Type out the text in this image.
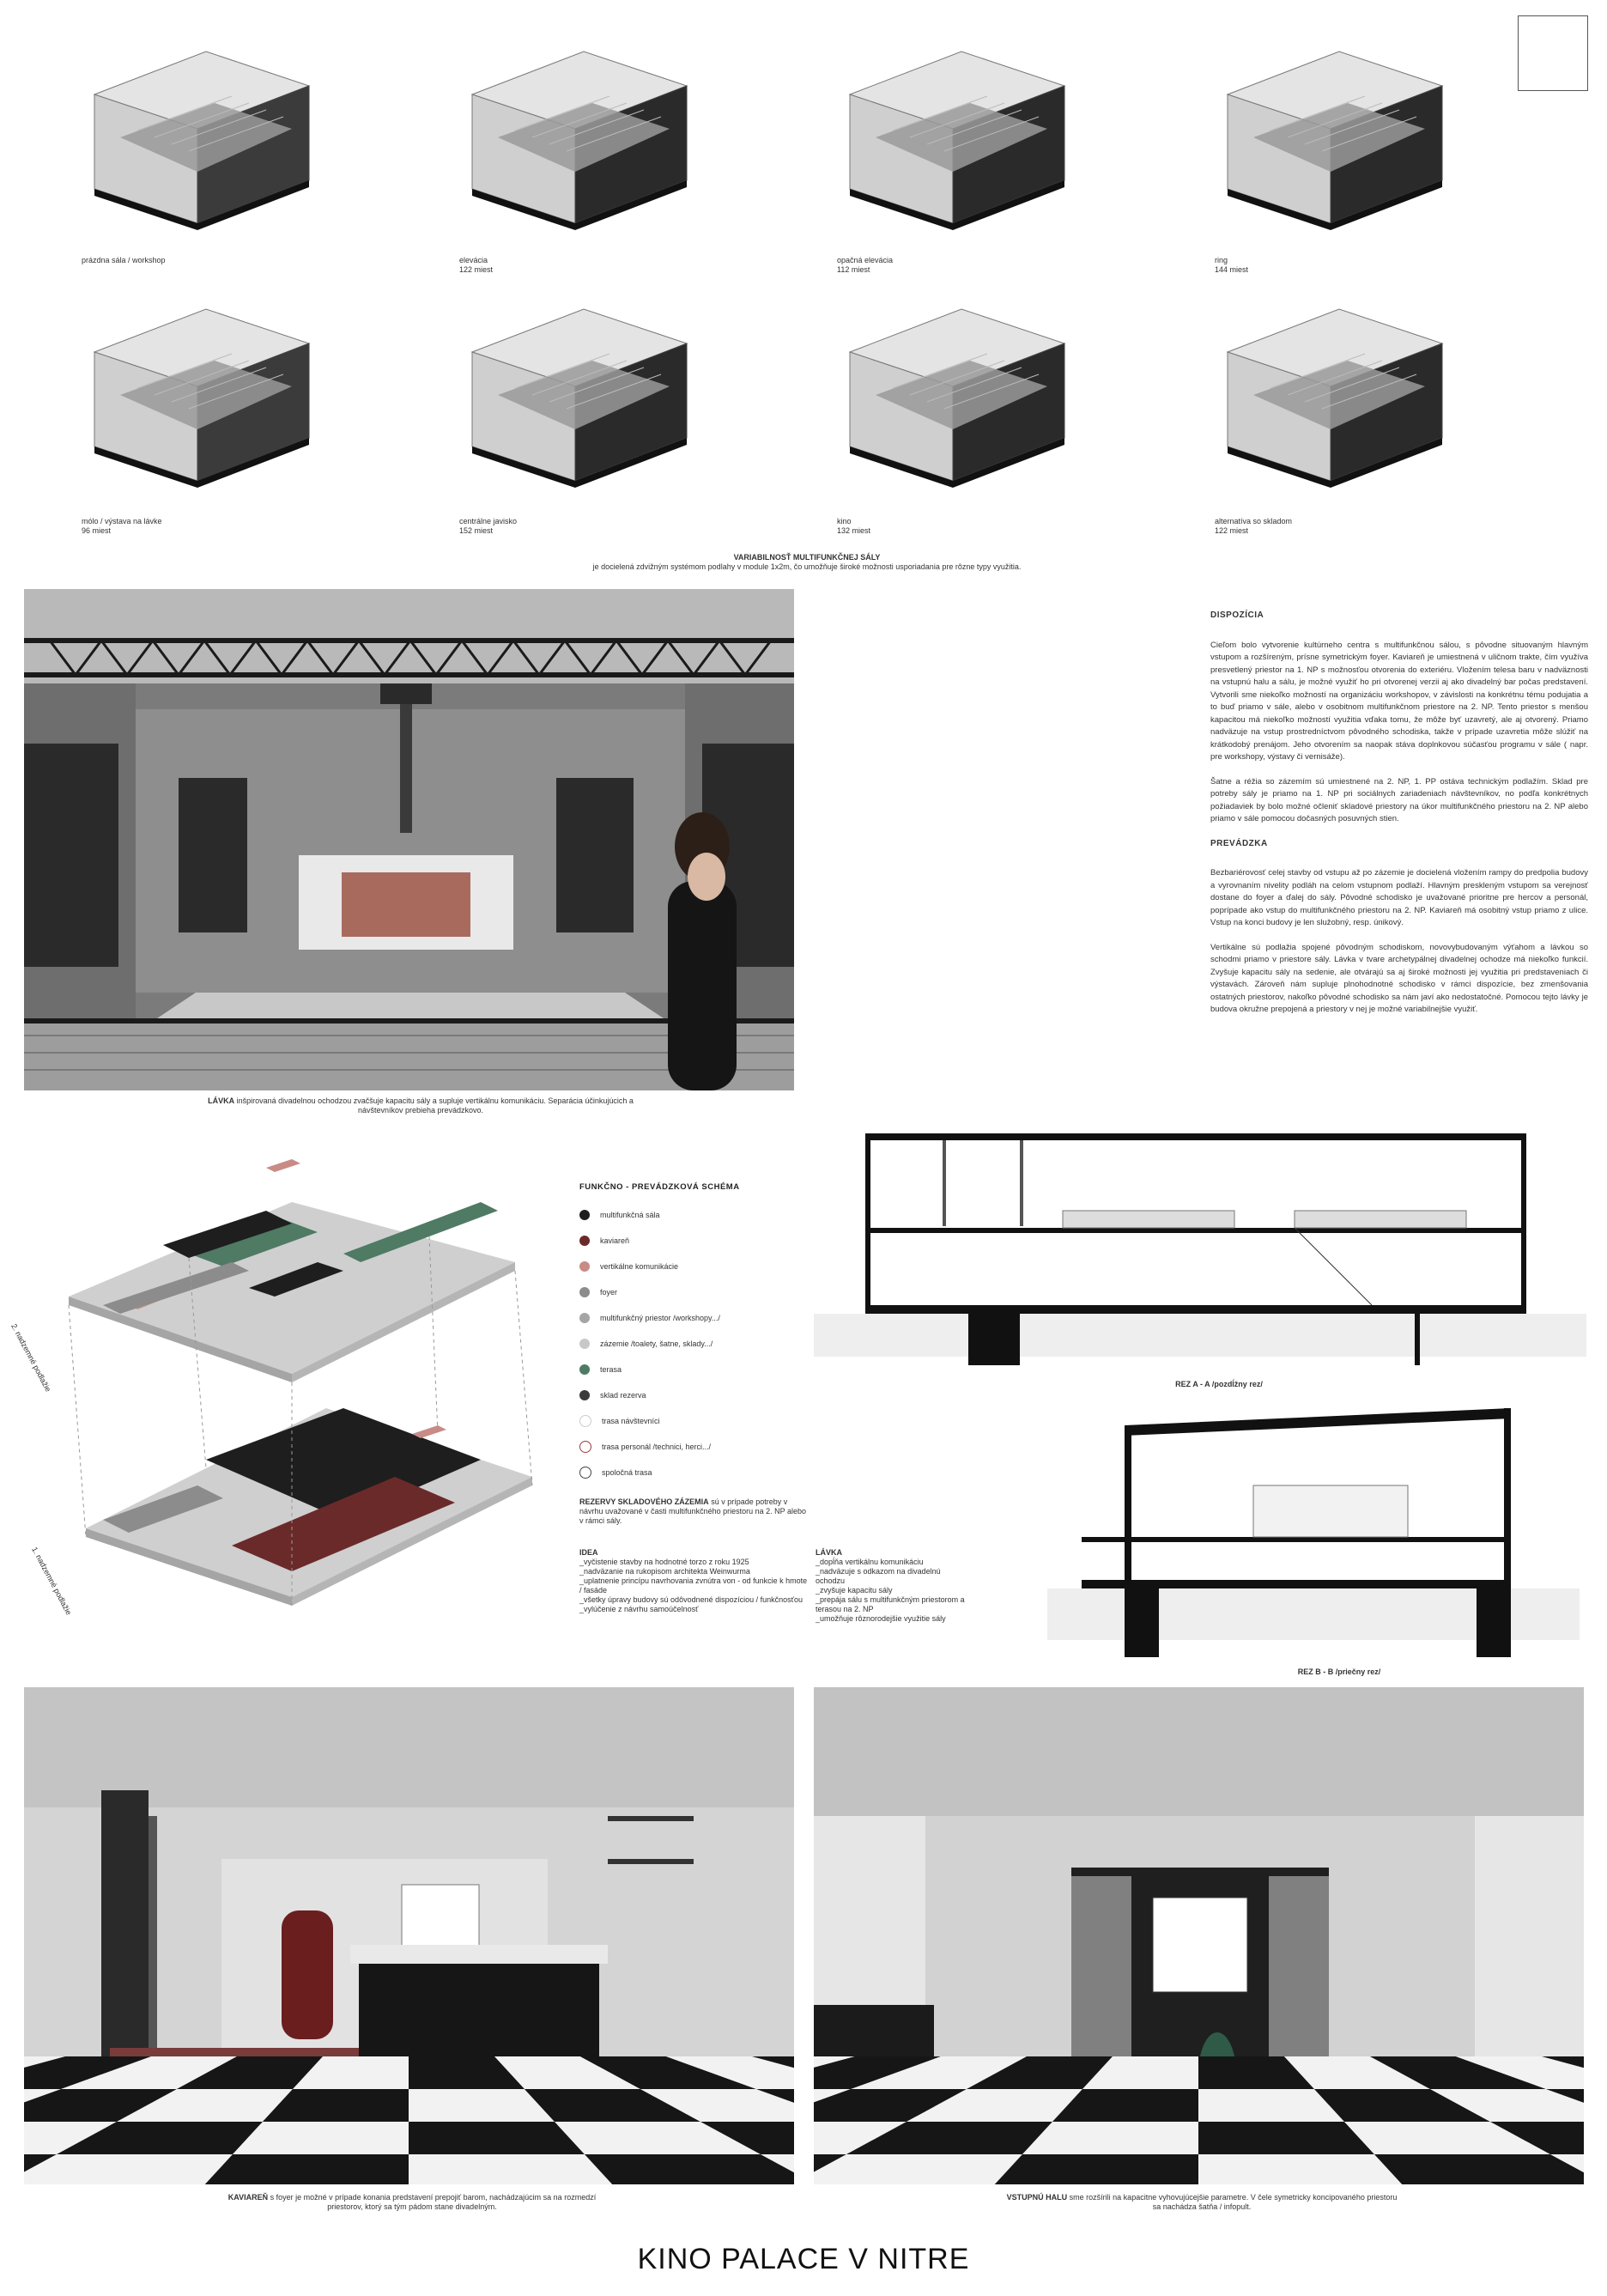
prázdna sála / workshop	elevácia
122 miest
opačná elevácia
112 miest
ring
144 miest
mólo / výstava na lávke
96 miest
centrálne javisko
152 miest
kino
132 miest
alternatíva so skladom
122 miest
VARIABILNOSŤ MULTIFUNKČNEJ SÁLY
je docielená zdvižným systémom podlahy v module 1x2m, čo umožňuje široké možnosti usporiadania pre rôzne typy využitia.
LÁVKA inšpirovaná divadelnou ochodzou zvačšuje kapacitu sály a supluje vertikálnu komunikáciu. Separácia účinkujúcich a návštevníkov prebieha prevádzkovo.

DISPOZÍCIA

Cieľom bolo vytvorenie kultúrneho centra s multifunkčnou sálou, s pôvodne situovaným hlavným vstupom a rozšíreným, prísne symetrickým foyer. Kaviareň je umiestnená v uličnom trakte, čím využíva presvetlený priestor na 1. NP s možnosťou otvorenia do exteriéru. Vložením telesa baru v nadväznosti na vstupnú halu a sálu, je možné využiť ho pri otvorenej verzii aj ako divadelný bar počas predstavení. Vytvorili sme niekoľko možností na organizáciu workshopov, v závislosti na konkrétnu tému podujatia a to buď priamo v sále, alebo v osobitnom multifunkčnom priestore na 2. NP. Tento priestor s menšou kapacitou má niekoľko možností využitia vďaka tomu, že môže byť uzavretý, ale aj otvorený. Priamo nadväzuje na vstup prostredníctvom pôvodného schodiska, takže v prípade uzavretia môže slúžiť na krátkodobý prenájom. Jeho otvorením sa naopak stáva doplnkovou súčasťou programu v sále ( napr. pre workshopy, výstavy či vernisáže).

Šatne a réžia so zázemím sú umiestnené na 2. NP, 1. PP ostáva technickým podlažím. Sklad pre potreby sály je priamo na 1. NP pri sociálnych zariadeniach návštevníkov, no podľa konkrétnych požiadaviek by bolo možné očleniť skladové priestory na úkor multifunkčného priestoru na 2. NP alebo priamo v sále pomocou dočasných posuvných stien.

PREVÁDZKA

Bezbariérovosť celej stavby od vstupu až po zázemie je docielená vložením rampy do predpolia budovy a vyrovnaním nivelity podláh na celom vstupnom podlaží. Hlavným preskleným vstupom sa verejnosť dostane do foyer a ďalej do sály. Pôvodné schodisko je uvažované prioritne pre hercov a personál, poprípade ako vstup do multifunkčného priestoru na 2. NP. Kaviareň má osobitný vstup priamo z ulice. Vstup na konci budovy je len služobný, resp. únikový.

Vertikálne sú podlažia spojené pôvodným schodiskom, novovybudovaným výťahom a lávkou so schodmi priamo v priestore sály. Lávka v tvare archetypálnej divadelnej ochodze má niekoľko funkcií. Zvyšuje kapacitu sály na sedenie, ale otvárajú sa aj široké možnosti jej využitia pri predstaveniach či výstavách. Zároveň nám supluje plnohodnotné schodisko v rámci dispozície, bez zmenšovania ostatných priestorov, nakoľko pôvodné schodisko sa nám javí ako nedostatočné. Pomocou tejto lávky je budova okružne prepojená a priestory v nej je možné variabilnejšie využiť.

2. nadzemné podlažie
1. nadzemné podlažie
FUNKČNO - PREVÁDZKOVÁ SCHÉMA
multifunkčná sála
kaviareň
vertikálne komunikácie
foyer
multifunkčný priestor /workshopy.../
zázemie /toalety, šatne, sklady.../
terasa
sklad rezerva
trasa návštevníci
trasa personál /technici, herci.../
spoločná trasa
REZERVY SKLADOVÉHO ZÁZEMIA sú v prípade potreby v návrhu uvažované v časti multifunkčného priestoru na 2. NP alebo v rámci sály.
IDEA
_vyčistenie stavby na hodnotné torzo z roku 1925
_nadväzanie na rukopisom architekta Weinwurma
_uplatnenie princípu navrhovania zvnútra von - od funkcie k hmote / fasáde
_všetky úpravy budovy sú odôvodnené dispozíciou / funkčnosťou
_vylúčenie z návrhu samoúčelnosť
LÁVKA
_dopĺňa vertikálnu komunikáciu
_nadväzuje s odkazom na divadelnú ochodzu
_zvyšuje kapacitu sály
_prepája sálu s multifunkčným priestorom a terasou na 2. NP
_umožňuje rôznorodejšie využitie sály
REZ A - A /pozdĺžny rez/
REZ B - B /priečny rez/
KAVIAREŇ s foyer je možné v prípade konania predstavení prepojiť barom, nachádzajúcim sa na rozmedzí priestorov, ktorý sa tým pádom stane divadelným.
VSTUPNÚ HALU sme rozšírili na kapacitne vyhovujúcejšie parametre. V čele symetricky koncipovaného priestoru sa nachádza šatňa / infopult.
KINO PALACE V NITRE
